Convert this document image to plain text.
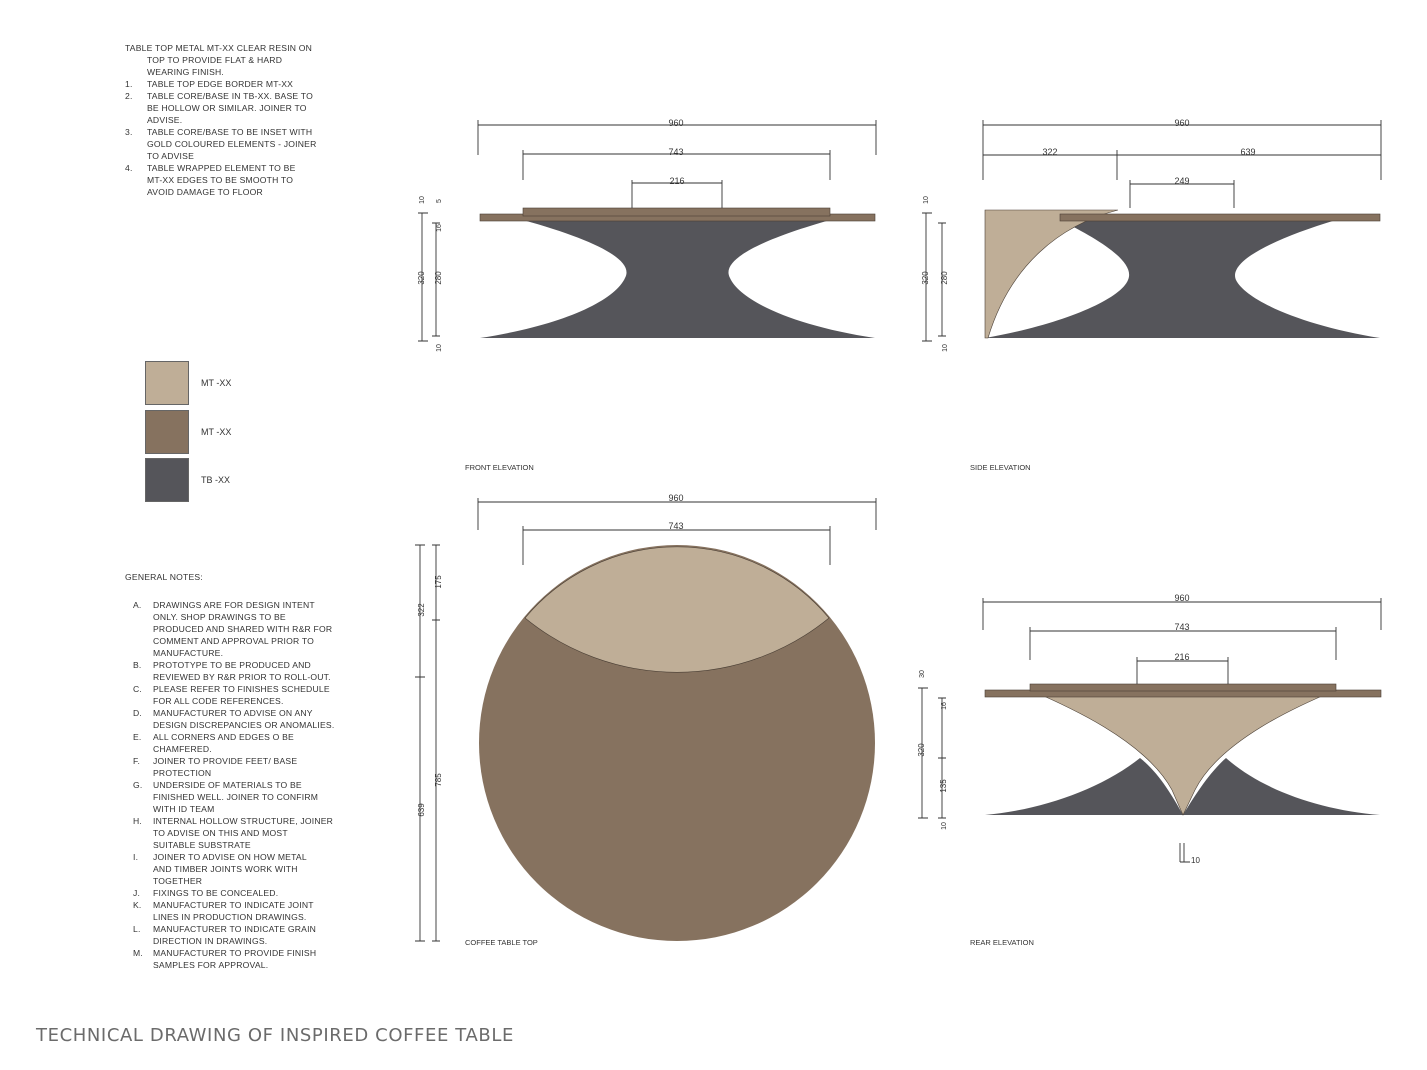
TABLE TOP METAL MT-XX CLEAR RESIN ON
TOP TO PROVIDE FLAT & HARD
WEARING FINISH.
1.	TABLE TOP EDGE BORDER MT-XX
2.	TABLE CORE/BASE IN TB-XX. BASE TO
BE HOLLOW OR SIMILAR. JOINER TO
ADVISE.
3.	TABLE CORE/BASE TO BE INSET WITH
GOLD COLOURED ELEMENTS - JOINER
TO ADVISE
4.	TABLE WRAPPED ELEMENT TO BE
MT-XX EDGES TO BE SMOOTH TO
AVOID DAMAGE TO FLOOR
MT -XX
MT -XX
TB -XX
GENERAL NOTES:
A.	DRAWINGS ARE FOR DESIGN INTENT
ONLY. SHOP DRAWINGS TO BE
PRODUCED AND SHARED WITH R&R FOR
COMMENT AND APPROVAL PRIOR TO
MANUFACTURE.
B.	PROTOTYPE TO BE PRODUCED AND
REVIEWED BY R&R PRIOR TO ROLL-OUT.
C.	PLEASE REFER TO FINISHES SCHEDULE
FOR ALL CODE REFERENCES.
D.	MANUFACTURER TO ADVISE ON ANY
DESIGN DISCREPANCIES OR ANOMALIES.
E.	ALL CORNERS AND EDGES O BE
CHAMFERED.
F.	JOINER TO PROVIDE FEET/ BASE
PROTECTION
G.	UNDERSIDE OF MATERIALS TO BE
FINISHED WELL. JOINER TO CONFIRM
WITH ID TEAM
H.	INTERNAL HOLLOW STRUCTURE, JOINER
TO ADVISE ON THIS AND MOST
SUITABLE SUBSTRATE
I.	JOINER TO ADVISE ON HOW METAL
AND TIMBER JOINTS WORK WITH
TOGETHER
J.	FIXINGS TO BE CONCEALED.
K.	MANUFACTURER TO INDICATE JOINT
LINES IN PRODUCTION DRAWINGS.
L.	MANUFACTURER TO INDICATE GRAIN
DIRECTION IN DRAWINGS.
M.	MANUFACTURER TO PROVIDE FINISH
SAMPLES FOR APPROVAL.
960
743
216
320 280
10 5
16
10
FRONT ELEVATION
960
322	639
249
320 280
10
10
SIDE ELEVATION
960
743
322
175
639
785
COFFEE TABLE TOP
960
743
216
30
16
320
135
10
10
REAR ELEVATION
TECHNICAL DRAWING OF INSPIRED COFFEE TABLE
